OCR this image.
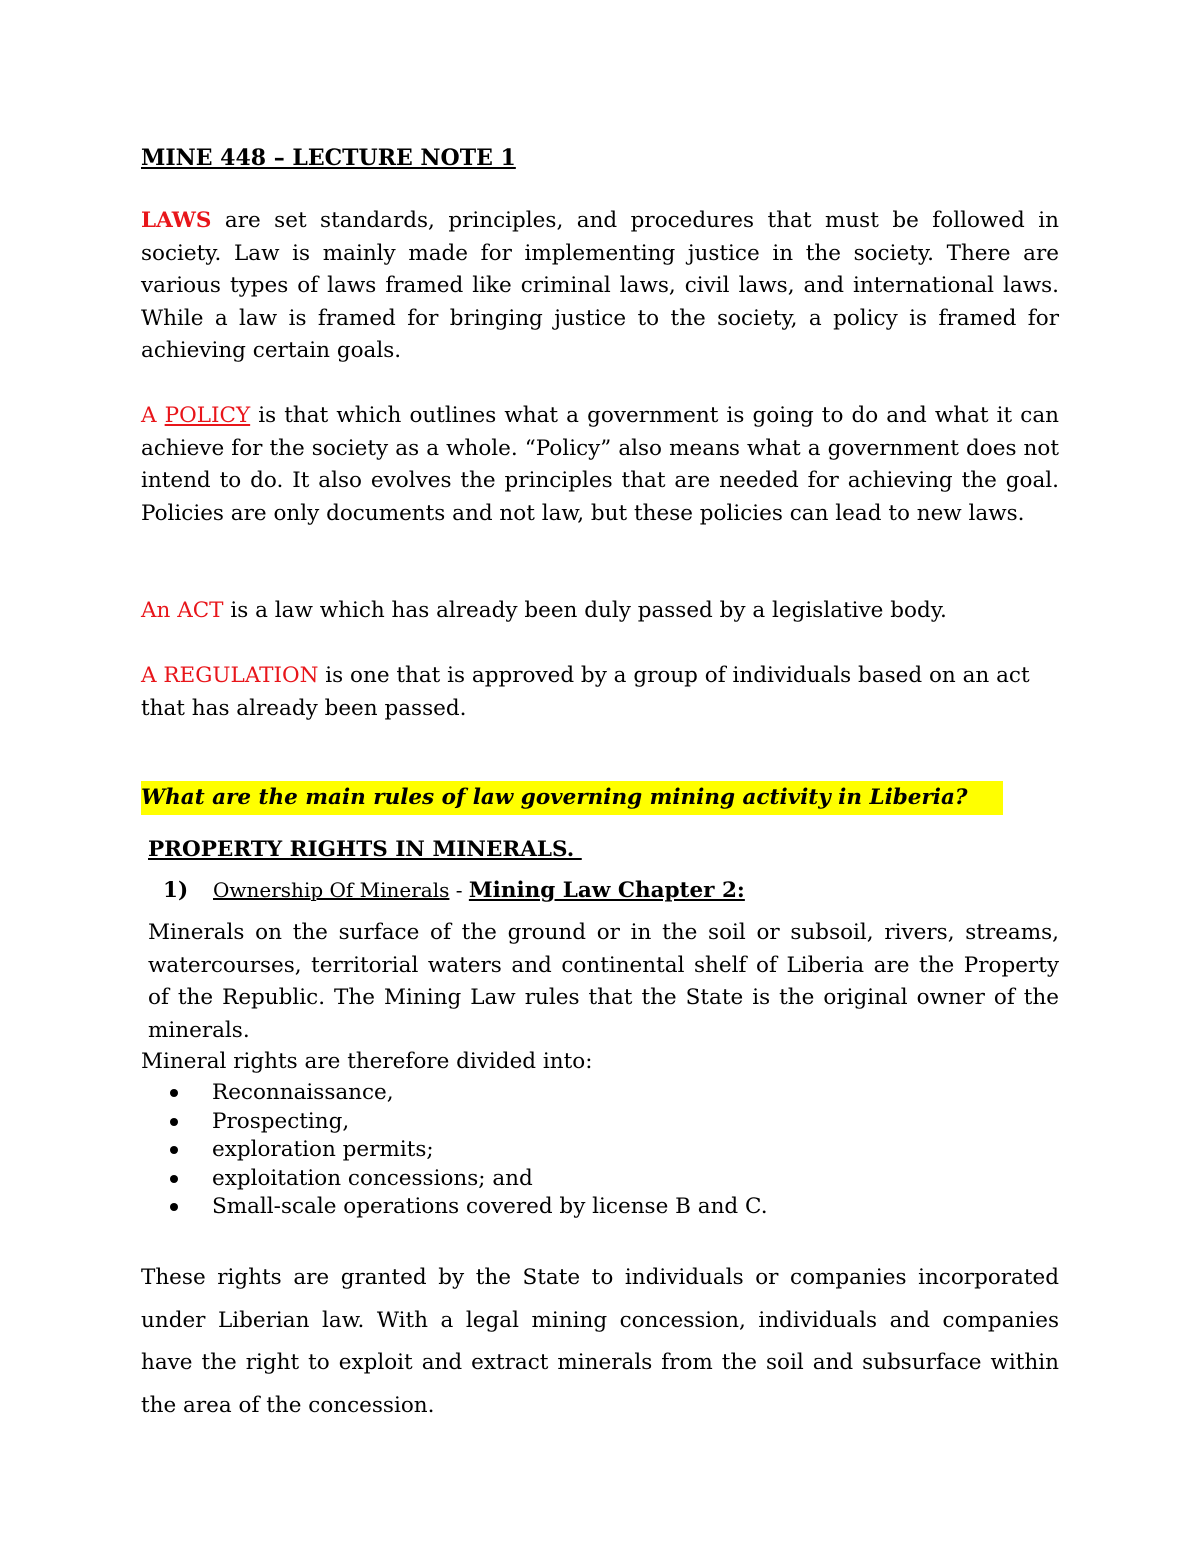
MINE 448 – LECTURE NOTE 1
LAWS are set standards, principles, and procedures that must be followed in society. Law is mainly made for implementing justice in the society. There are various types of laws framed like criminal laws, civil laws, and international laws. While a law is framed for bringing justice to the society, a policy is framed for achieving certain goals.
A POLICY is that which outlines what a government is going to do and what it can achieve for the society as a whole. “Policy” also means what a government does not intend to do. It also evolves the principles that are needed for achieving the goal. Policies are only documents and not law, but these policies can lead to new laws.
An ACT is a law which has already been duly passed by a legislative body.
A REGULATION is one that is approved by a group of individuals based on an act that has already been passed.
What are the main rules of law governing mining activity in Liberia?
PROPERTY RIGHTS IN MINERALS.
1) Ownership Of Minerals - Mining Law Chapter 2:
Minerals on the surface of the ground or in the soil or subsoil, rivers, streams, watercourses, territorial waters and continental shelf of Liberia are the Property of the Republic. The Mining Law rules that the State is the original owner of the minerals.
Mineral rights are therefore divided into:
Reconnaissance,
Prospecting,
exploration permits;
exploitation concessions; and
Small-scale operations covered by license B and C.
These rights are granted by the State to individuals or companies incorporated under Liberian law. With a legal mining concession, individuals and companies have the right to exploit and extract minerals from the soil and subsurface within the area of the concession.
